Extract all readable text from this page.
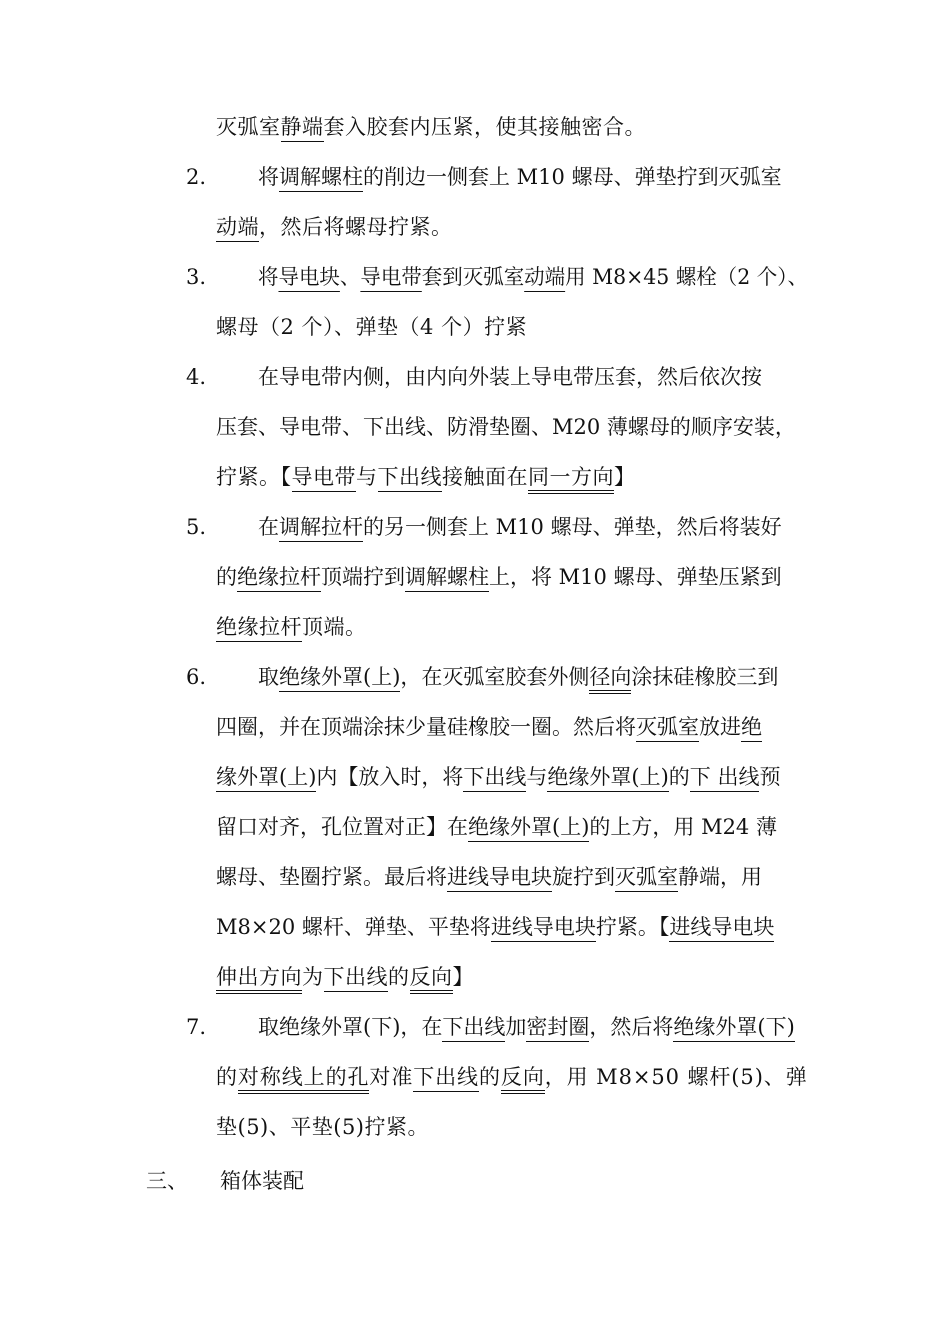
三、 箱体装配
灭弧室静端套入胶套内压紧，使其接触密合。
2. 将调解螺柱的削边一侧套上 M10 螺母、弹垫拧到灭弧室
动端，然后将螺母拧紧。
3. 将导电块、导电带套到灭弧室动端用 M8×45 螺栓（2 个）、
螺母（2 个）、弹垫（4 个）拧紧
4. 在导电带内侧，由内向外装上导电带压套，然后依次按
压套、导电带、下出线、防滑垫圈、M20 薄螺母的顺序安装，
拧紧。【导电带与下出线接触面在同一方向】
5. 在调解拉杆的另一侧套上 M10 螺母、弹垫，然后将装好
的绝缘拉杆顶端拧到调解螺柱上，将 M10 螺母、弹垫压紧到
绝缘拉杆顶端。
6. 取绝缘外罩(上)，在灭弧室胶套外侧径向涂抹硅橡胶三到
四圈，并在顶端涂抹少量硅橡胶一圈。然后将灭弧室放进绝
缘外罩(上)内【放入时，将下出线与绝缘外罩(上)的下 出线预
留口对齐，孔位置对正】在绝缘外罩(上)的上方，用 M24 薄
螺母、垫圈拧紧。最后将进线导电块旋拧到灭弧室静端，用
M8×20 螺杆、弹垫、平垫将进线导电块拧紧。【进线导电块
伸出方向为下出线的反向】
7. 取绝缘外罩(下)，在下出线加密封圈，然后将绝缘外罩(下)
的对称线上的孔对准下出线的反向，用 M8×50 螺杆(5)、弹
垫(5)、平垫(5)拧紧。
